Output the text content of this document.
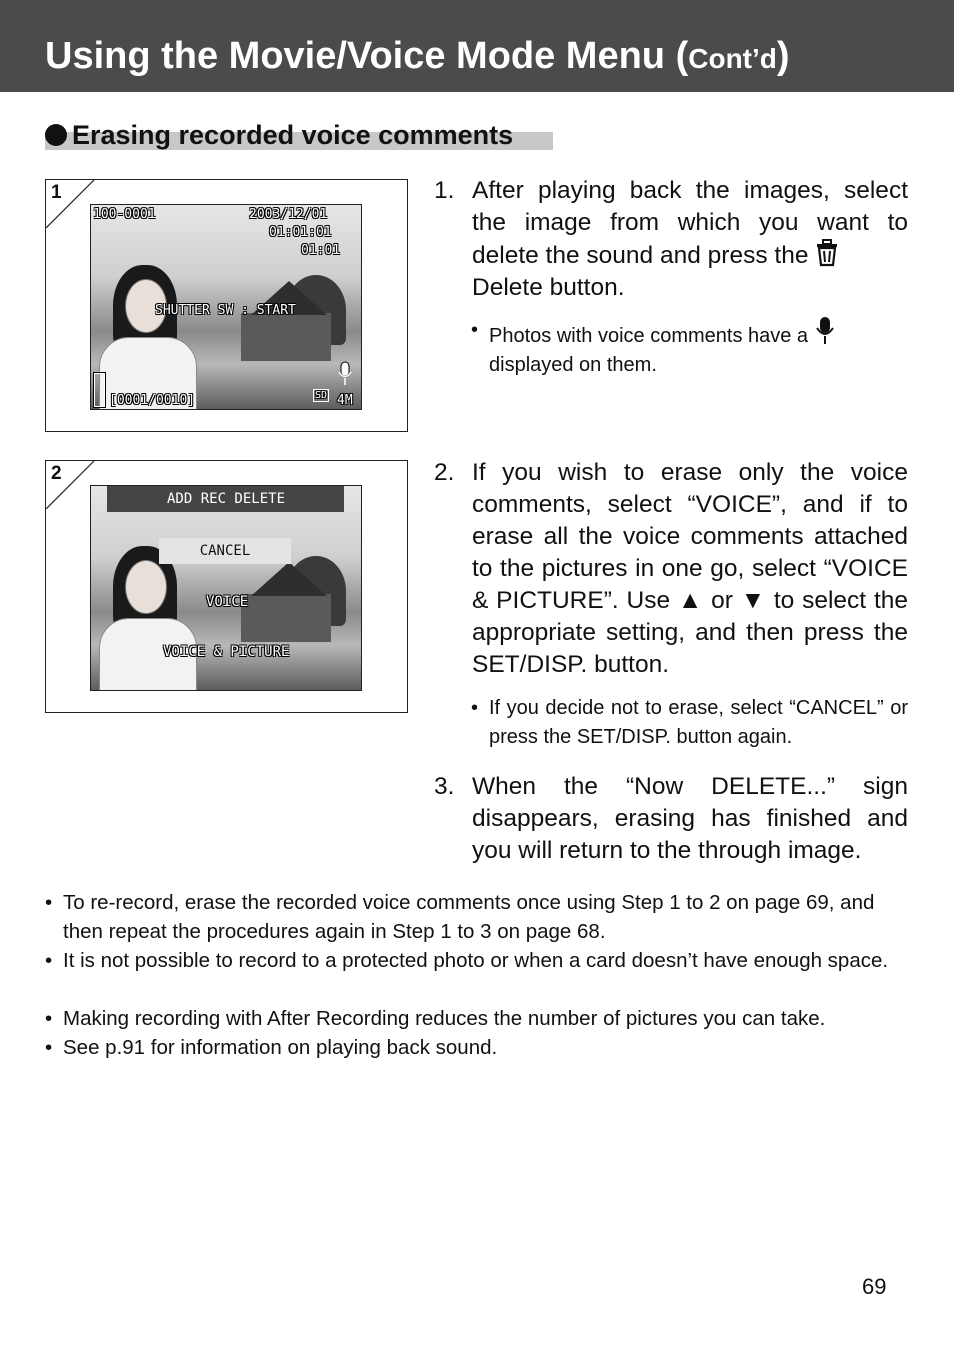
Using the Movie/Voice Mode Menu (Cont’d)
Erasing recorded voice comments
1
100-0001	2003/12/01
01:01:01
01:01
SHUTTER SW : START
[0001/0010]	SD 4M
2
ADD REC DELETE
CANCEL
VOICE
VOICE & PICTURE
1. After playing back the images, select the image from which you want to delete the sound and press the
Delete button.
• Photos with voice comments have a
displayed on them.
2. If you wish to erase only the voice comments, select “VOICE”, and if to erase all the voice comments attached to the pictures in one go, select “VOICE & PICTURE”. Use ▲ or ▼ to select the appropriate setting, and then press the SET/DISP. button.
• If you decide not to erase, select “CANCEL” or press the SET/DISP. button again.
3. When the “Now DELETE...” sign disappears, erasing has finished and you will return to the through image.
• To re-record, erase the recorded voice comments once using Step 1 to 2 on page 69, and then repeat the procedures again in Step 1 to 3 on page 68.
• It is not possible to record to a protected photo or when a card doesn’t have enough space.
• Making recording with After Recording reduces the number of pictures you can take.
• See p.91 for information on playing back sound.
69
